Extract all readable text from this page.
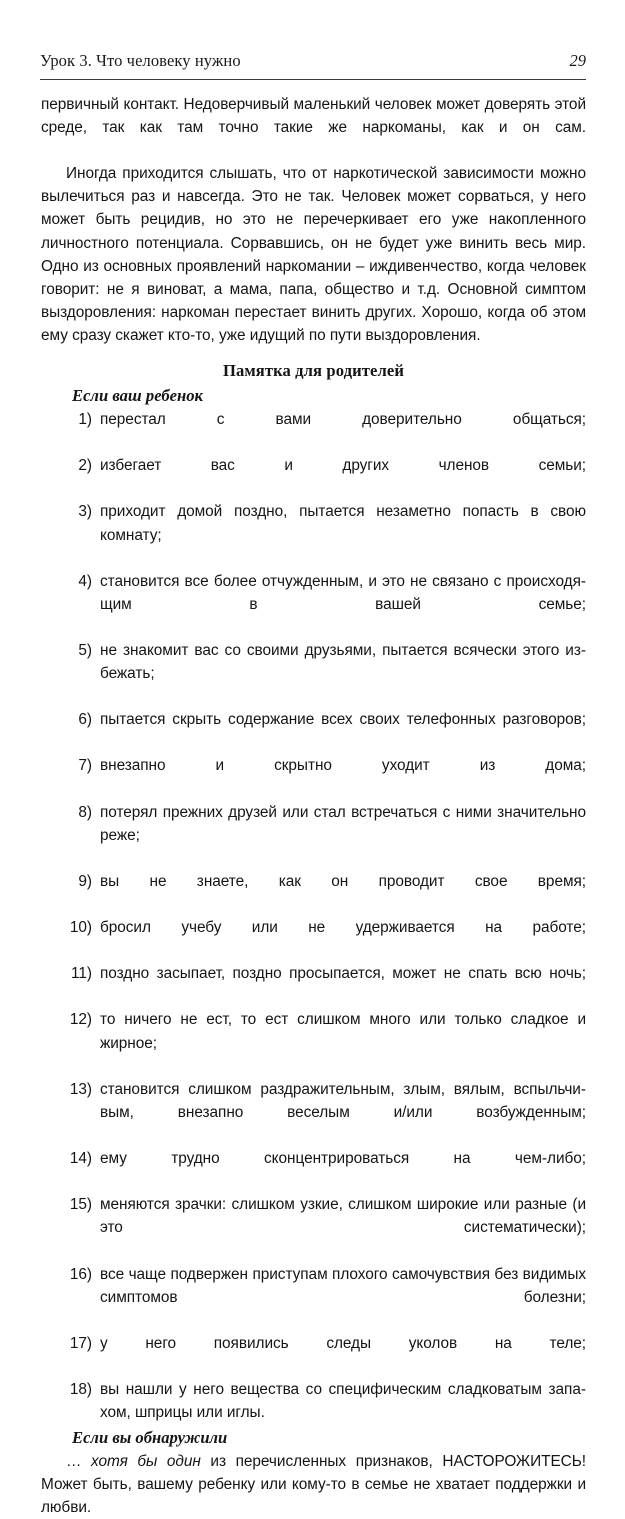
Урок 3. Что человеку нужно	29

первичный контакт. Недоверчивый маленький человек может доверять этой среде, так как там точно такие же наркоманы, как и он сам.

Иногда приходится слышать, что от наркотической зависимости можно вылечиться раз и навсегда. Это не так. Человек может сорваться, у него может быть рецидив, но это не перечеркивает его уже накопленного личностного потенциала. Сорвавшись, он не будет уже винить весь мир. Одно из основных проявлений наркомании – иждивенчество, когда человек говорит: не я виноват, а мама, папа, общество и т.д. Основной симптом выздоровления: наркоман перестает винить других. Хорошо, когда об этом ему сразу скажет кто-то, уже идущий по пути выздоровления.

Памятка для родителей
Если ваш ребенок
1) перестал с вами доверительно общаться;
2) избегает вас и других членов семьи;
3) приходит домой поздно, пытается незаметно попасть в свою комнату;
4) становится все более отчужденным, и это не связано с происходящим в вашей семье;
5) не знакомит вас со своими друзьями, пытается всячески этого избежать;
6) пытается скрыть содержание всех своих телефонных разговоров;
7) внезапно и скрытно уходит из дома;
8) потерял прежних друзей или стал встречаться с ними значительно реже;
9) вы не знаете, как он проводит свое время;
10) бросил учебу или не удерживается на работе;
11) поздно засыпает, поздно просыпается, может не спать всю ночь;
12) то ничего не ест, то ест слишком много или только сладкое и жирное;
13) становится слишком раздражительным, злым, вялым, вспыльчивым, внезапно веселым и/или возбужденным;
14) ему трудно сконцентрироваться на чем-либо;
15) меняются зрачки: слишком узкие, слишком широкие или разные (и это систематически);
16) все чаще подвержен приступам плохого самочувствия без видимых симптомов болезни;
17) у него появились следы уколов на теле;
18) вы нашли у него вещества со специфическим сладковатым запахом, шприцы или иглы.
Если вы обнаружили

… хотя бы один из перечисленных признаков, НАСТОРОЖИТЕСЬ! Может быть, вашему ребенку или кому-то в семье не хватает поддержки и любви.
